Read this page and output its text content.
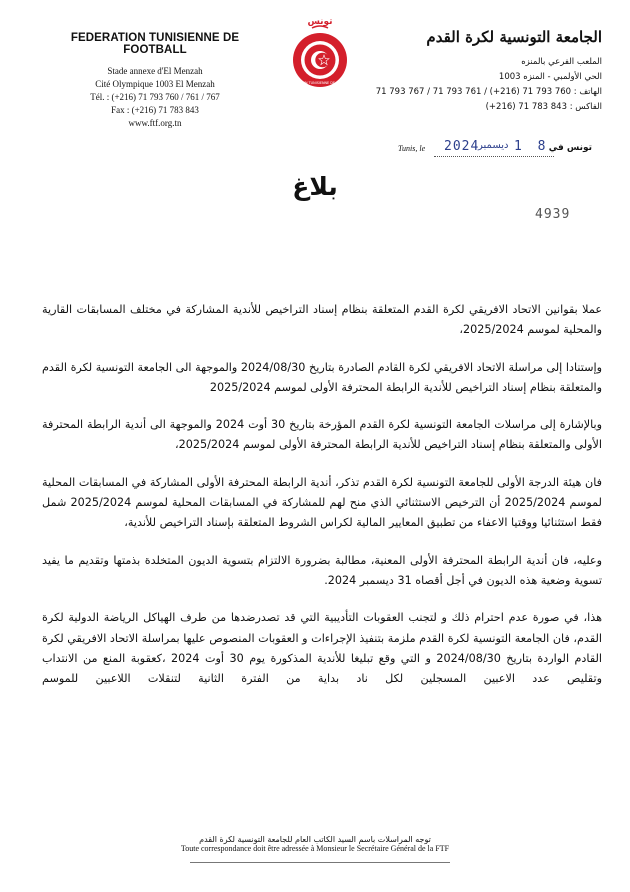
FEDERATION TUNISIENNE DE FOOTBALL
Stade annexe d'El Menzah
Cité Olympique 1003 El Menzah
Tél. : (+216) 71 793 760 / 761 / 767
Fax : (+216) 71 783 843
www.ftf.org.tn
تونس
FEDERATION TUNISIENNE DE FOOTBALL
الجامعة التونسية لكرة القدم
الملعب الفرعي بالمنزه
الحي الأولمبي - المنزه 1003
الهاتف : 760 793 71 (216+) / 761 793 71 / 767 793 71
الفاكس : 843 783 71 (216+)
Tunis, le 2024
ديسمبر 1 8 تونس في
بلاغ
4939

عملا بقوانين الاتحاد الافريقي لكرة القدم المتعلقة بنظام إسناد التراخيص للأندية المشاركة في مختلف المسابقات القارية والمحلية لموسم 2025/2024،

وإستنادا إلى مراسلة الاتحاد الافريقي لكرة القادم الصادرة بتاريخ 2024/08/30 والموجهة الى الجامعة التونسية لكرة القدم والمتعلقة بنظام إسناد التراخيص للأندية الرابطة المحترفة الأولى لموسم 2025/2024

وبالإشارة إلى مراسلات الجامعة التونسية لكرة القدم المؤرخة بتاريخ 30 أوت 2024 والموجهة الى أندية الرابطة المحترفة الأولى والمتعلقة بنظام إسناد التراخيص للأندية الرابطة المحترفة الأولى لموسم 2025/2024،

فان هيئة الدرجة الأولى للجامعة التونسية لكرة القدم تذكر، أندية الرابطة المحترفة الأولى المشاركة في المسابقات المحلية لموسم 2025/2024 أن الترخيص الاستثنائي الذي منح لهم للمشاركة في المسابقات المحلية لموسم 2025/2024 شمل فقط استثنائيا ووقتيا الاعفاء من تطبيق المعايير المالية لكراس الشروط المتعلقة بإسناد التراخيص للأندية،

وعليه، فان أندية الرابطة المحترفة الأولى المعنية، مطالبة بضرورة الالتزام بتسوية الديون المتخلدة بذمتها وتقديم ما يفيد تسوية وضعية هذه الديون في أجل أقصاه 31 ديسمبر 2024.

هذا، في صورة عدم احترام ذلك و لتجنب العقوبات التأديبية التي قد تصدرضدها من طرف الهياكل الرياضة الدولية لكرة القدم، فان الجامعة التونسية لكرة القدم ملزمة بتنفيذ الإجراءات و العقوبات المنصوص عليها بمراسلة الاتحاد الافريقي لكرة القادم الواردة بتاريخ 2024/08/30 و التي وقع تبليغا للأندية المذكورة يوم 30 أوت 2024 ،كعقوبة المنع من الانتداب وتقليص عدد الاعبين المسجلين لكل ناد بداية من الفترة الثانية لتنقلات اللاعبين للموسم

توجه المراسلات باسم السيد الكاتب العام للجامعة التونسية لكرة القدم
Toute correspondance doit être adressée à Monsieur le Secrétaire Général de la FTF
